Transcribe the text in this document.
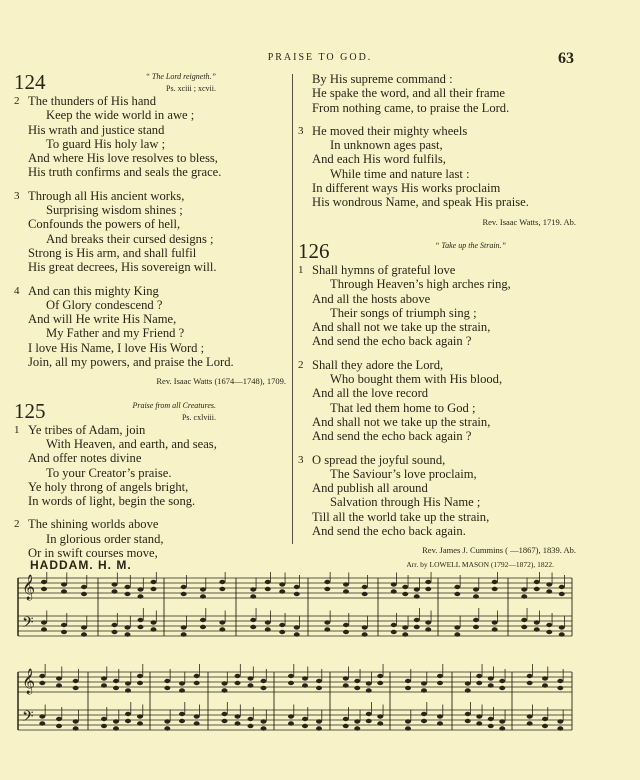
PRAISE TO GOD.	63
124	“ The Lord reigneth.”
Ps. xciii ; xcvii.
2 The thunders of His hand
Keep the wide world in awe ;
His wrath and justice stand
To guard His holy law ;
And where His love resolves to bless,
His truth confirms and seals the grace.
3 Through all His ancient works,
Surprising wisdom shines ;
Confounds the powers of hell,
And breaks their cursed designs ;
Strong is His arm, and shall fulfil
His great decrees, His sovereign will.
4 And can this mighty King
Of Glory condescend ?
And will He write His Name,
My Father and my Friend ?
I love His Name, I love His Word ;
Join, all my powers, and praise the Lord.
Rev. Isaac Watts (1674—1748), 1709.
125	Praise from all Creatures.
Ps. cxlviii.
1 Ye tribes of Adam, join
With Heaven, and earth, and seas,
And offer notes divine
To your Creator’s praise.
Ye holy throng of angels bright,
In words of light, begin the song.
2 The shining worlds above
In glorious order stand,
Or in swift courses move,
By His supreme command :
He spake the word, and all their frame
From nothing came, to praise the Lord.
3 He moved their mighty wheels
In unknown ages past,
And each His word fulfils,
While time and nature last :
In different ways His works proclaim
His wondrous Name, and speak His praise.
Rev. Isaac Watts, 1719. Ab.
126	“ Take up the Strain.”
1 Shall hymns of grateful love
Through Heaven’s high arches ring,
And all the hosts above
Their songs of triumph sing ;
And shall not we take up the strain,
And send the echo back again ?
2 Shall they adore the Lord,
Who bought them with His blood,
And all the love record
That led them home to God ;
And shall not we take up the strain,
And send the echo back again ?
3 O spread the joyful sound,
The Saviour’s love proclaim,
And publish all around
Salvation through His Name ;
Till all the world take up the strain,
And send the echo back again.
Rev. James J. Cummins ( —1867), 1839. Ab.
HADDAM. H. M.	Arr. by LOWELL MASON (1792—1872), 1822.
𝄞
𝄢
𝄞
𝄢
